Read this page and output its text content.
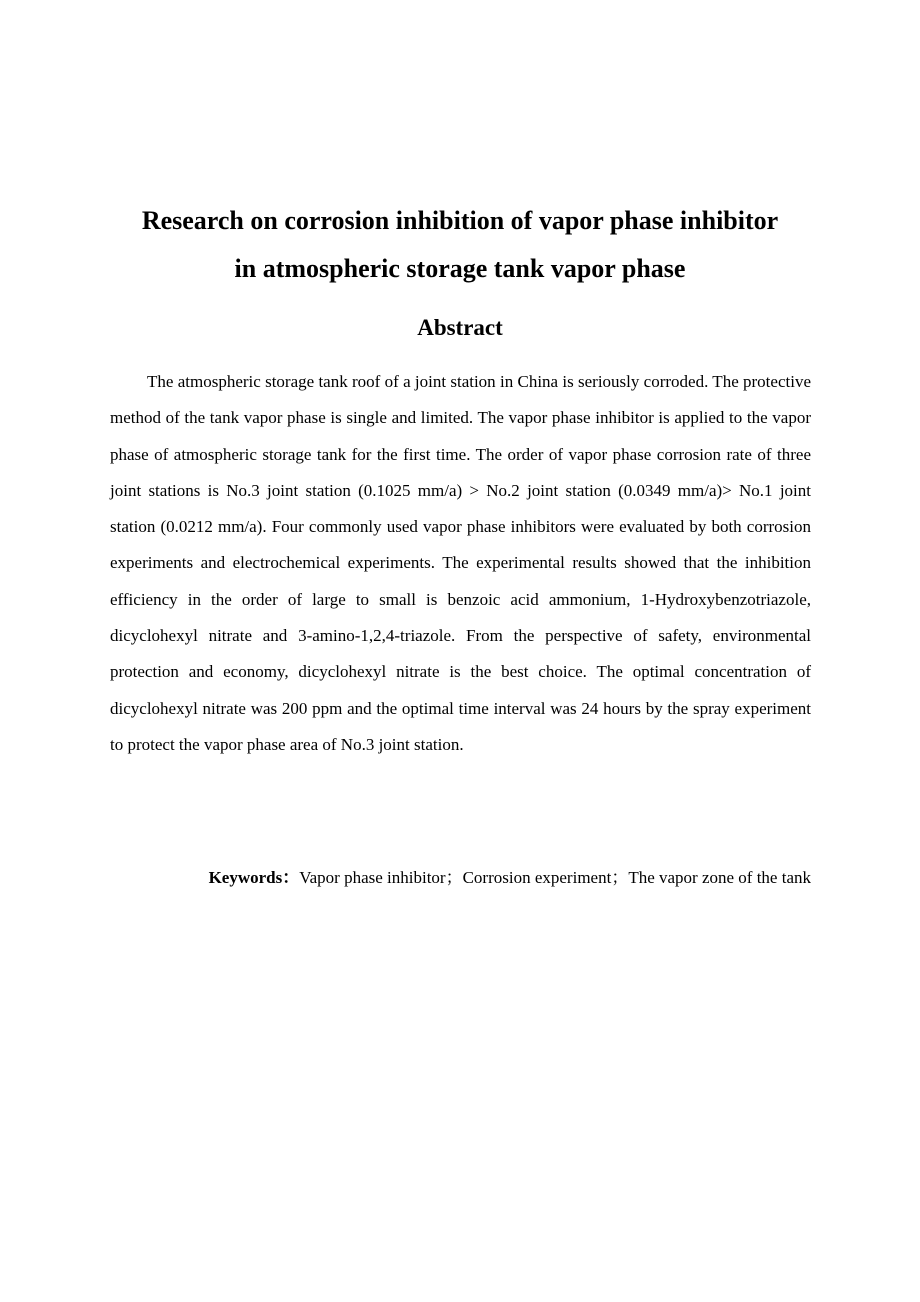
Research on corrosion inhibition of vapor phase inhibitor
in atmospheric storage tank vapor phase
Abstract

The atmospheric storage tank roof of a joint station in China is seriously corroded. The protective method of the tank vapor phase is single and limited. The vapor phase inhibitor is applied to the vapor phase of atmospheric storage tank for the first time. The order of vapor phase corrosion rate of three joint stations is No.3 joint station (0.1025 mm/a) > No.2 joint station (0.0349 mm/a)> No.1 joint station (0.0212 mm/a). Four commonly used vapor phase inhibitors were evaluated by both corrosion experiments and electrochemical experiments. The experimental results showed that the inhibition efficiency in the order of large to small is benzoic acid ammonium, 1-Hydroxybenzotriazole, dicyclohexyl nitrate and 3-amino-1,2,4-triazole. From the perspective of safety, environmental protection and economy, dicyclohexyl nitrate is the best choice. The optimal concentration of dicyclohexyl nitrate was 200 ppm and the optimal time interval was 24 hours by the spray experiment to protect the vapor phase area of No.3 joint station.

Keywords：Vapor phase inhibitor；Corrosion experiment；The vapor zone of the tank
